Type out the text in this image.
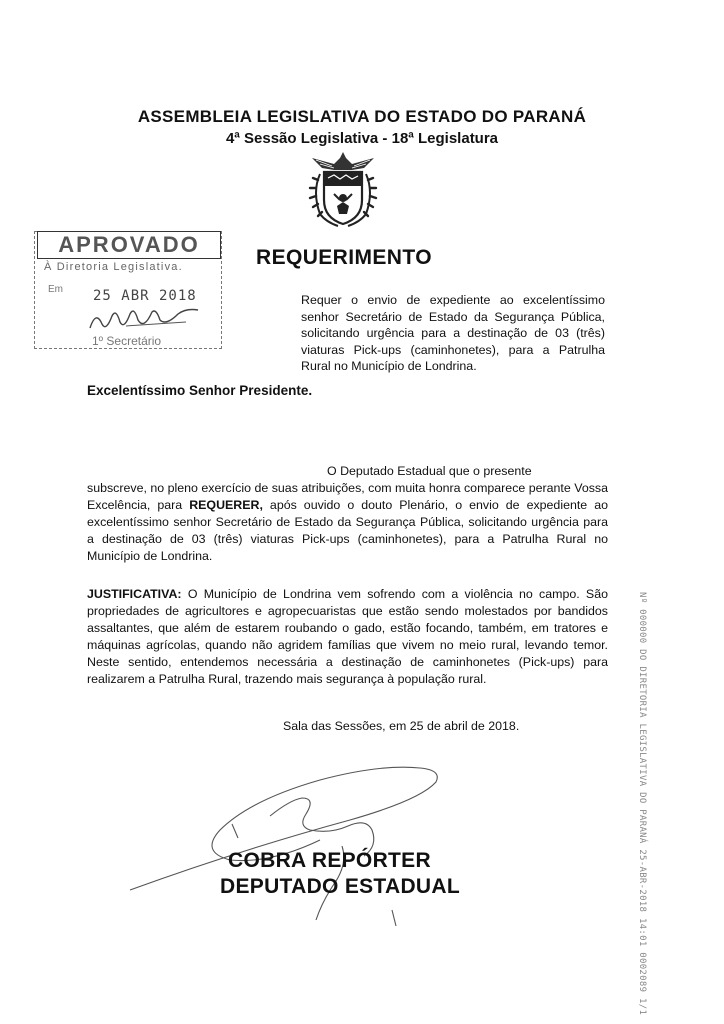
ASSEMBLEIA LEGISLATIVA DO ESTADO DO PARANÁ
4ª Sessão Legislativa - 18ª Legislatura
APROVADO
À Diretoria Legislativa.
Em 25 ABR 2018
1º Secretário
REQUERIMENTO
Requer o envio de expediente ao excelentíssimo senhor Secretário de Estado da Segurança Pública, solicitando urgência para a destinação de 03 (três) viaturas Pick-ups (caminhonetes), para a Patrulha Rural no Município de Londrina.
Excelentíssimo Senhor Presidente.
O Deputado Estadual que o presente
subscreve, no pleno exercício de suas atribuições, com muita honra comparece perante Vossa Excelência, para REQUERER, após ouvido o douto Plenário, o envio de expediente ao excelentíssimo senhor Secretário de Estado da Segurança Pública, solicitando urgência para a destinação de 03 (três) viaturas Pick-ups (caminhonetes), para a Patrulha Rural no Município de Londrina.
JUSTIFICATIVA: O Município de Londrina vem sofrendo com a violência no campo. São propriedades de agricultores e agropecuaristas que estão sendo molestados por bandidos assaltantes, que além de estarem roubando o gado, estão focando, também, em tratores e máquinas agrícolas, quando não agridem famílias que vivem no meio rural, levando temor. Neste sentido, entendemos necessária a destinação de caminhonetes (Pick-ups) para realizarem a Patrulha Rural, trazendo mais segurança à população rural.
Sala das Sessões, em 25 de abril de 2018.
COBRA REPÓRTER
DEPUTADO ESTADUAL	Nº 000000 DO DIRETORIA LEGISLATIVA DO PARANÁ 25-ABR-2018 14:01 0002089 1/1
